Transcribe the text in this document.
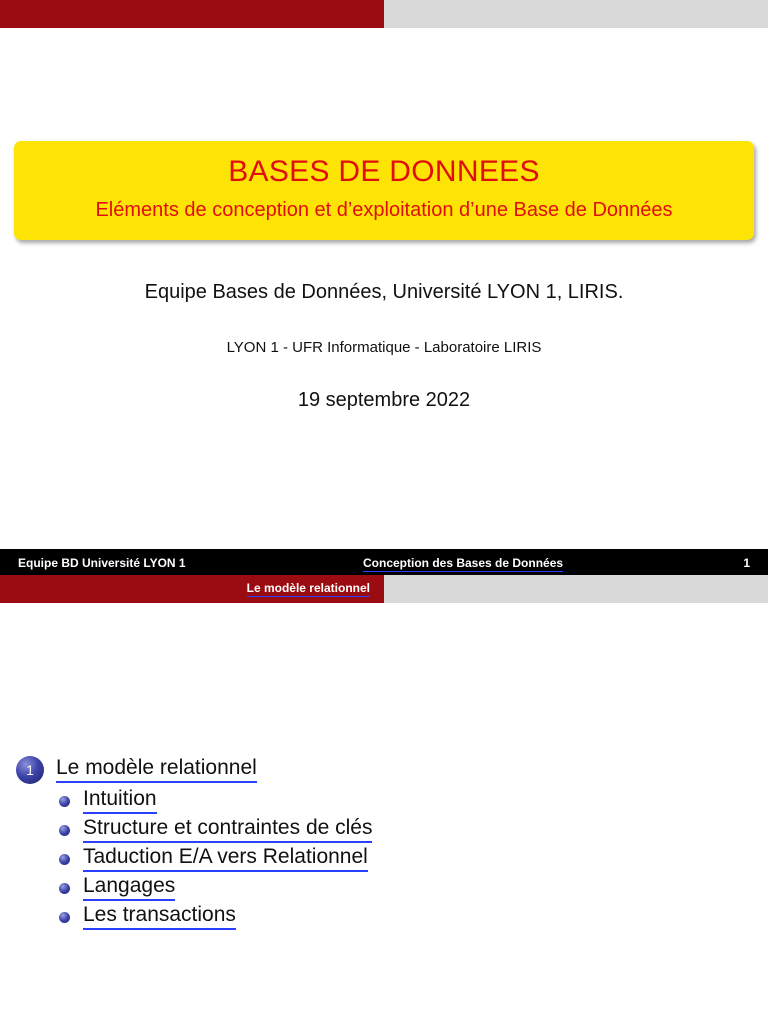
BASES DE DONNEES
Eléments de conception et d’exploitation d’une Base de Données
Equipe Bases de Données, Université LYON 1, LIRIS.
LYON 1 - UFR Informatique - Laboratoire LIRIS
19 septembre 2022
Equipe BD Université LYON 1	Conception des Bases de Données	1
Le modèle relationnel
1	Le modèle relationnel
Intuition
Structure et contraintes de clés
Taduction E/A vers Relationnel
Langages
Les transactions
